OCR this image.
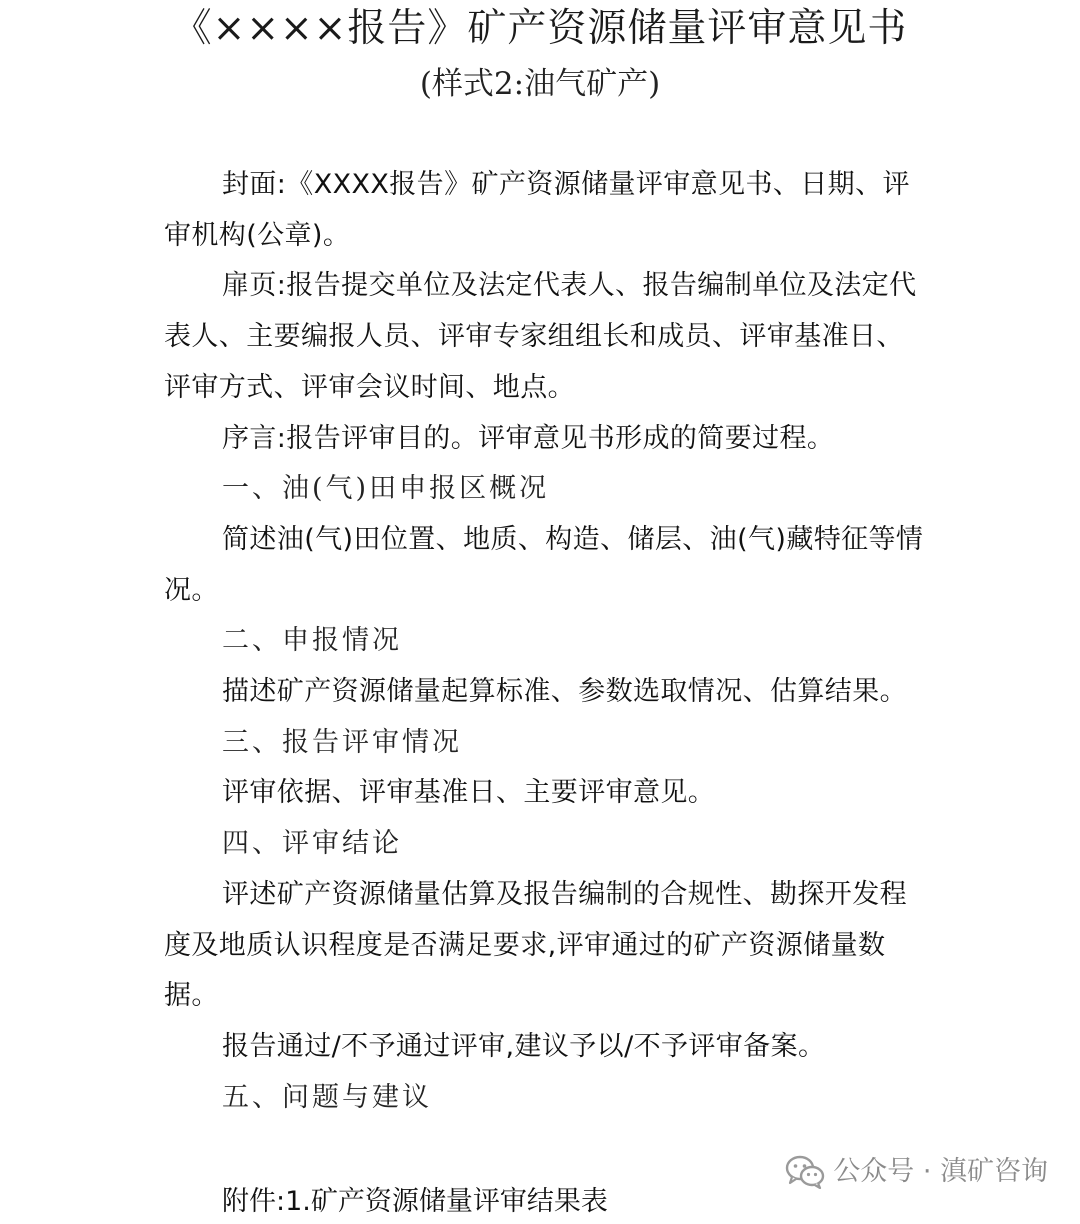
《××××报告》矿产资源储量评审意见书
(样式2:油气矿产)

封面:《XXXX报告》矿产资源储量评审意见书、日期、评审机构(公章)。

扉页:报告提交单位及法定代表人、报告编制单位及法定代表人、主要编报人员、评审专家组组长和成员、评审基准日、评审方式、评审会议时间、地点。

序言:报告评审目的。评审意见书形成的简要过程。

一、油(气)田申报区概况

简述油(气)田位置、地质、构造、储层、油(气)藏特征等情况。

二、申报情况

描述矿产资源储量起算标准、参数选取情况、估算结果。

三、报告评审情况

评审依据、评审基准日、主要评审意见。

四、评审结论

评述矿产资源储量估算及报告编制的合规性、勘探开发程度及地质认识程度是否满足要求,评审通过的矿产资源储量数据。

报告通过/不予通过评审,建议予以/不予评审备案。

五、问题与建议

公众号 · 滇矿咨询
附件:1.矿产资源储量评审结果表
